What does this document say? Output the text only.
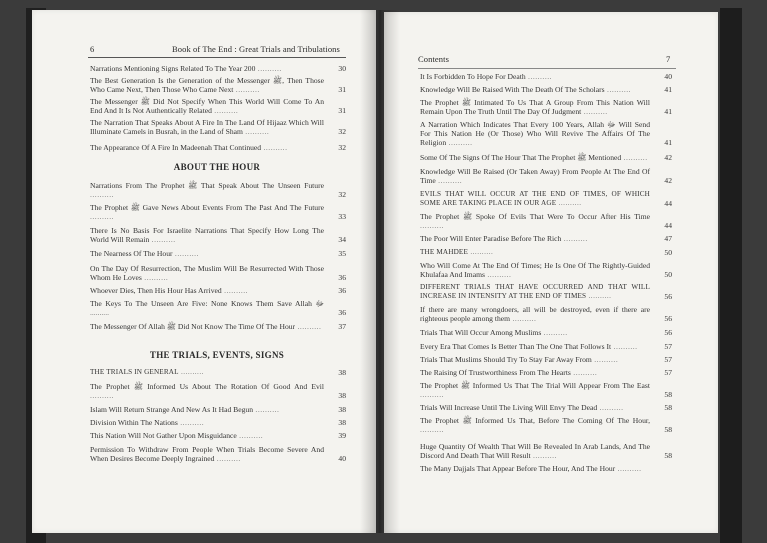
6	Book of The End : Great Trials and Tribulations
ABOUT THE HOUR
THE TRIALS, EVENTS, SIGNS
Narrations Mentioning Signs Related To The Year 200 ..........	30
The Best Generation Is the Generation of the Messenger ﷺ, Then Those Who Came Next, Then Those Who Came Next ..........	31
The Messenger ﷺ Did Not Specify When This World Will Come To An End And It Is Not Authentically Related ..........	31
The Narration That Speaks About A Fire In The Land Of Hijaaz Which Will Illuminate Camels in Busrah, in the Land of Sham ..........	32
The Appearance Of A Fire In Madeenah That Continued ..........	32
Narrations From The Prophet ﷺ That Speak About The Unseen Future ..........	32
The Prophet ﷺ Gave News About Events From The Past And The Future ..........	33
There Is No Basis For Israelite Narrations That Specify How Long The World Will Remain ..........	34
The Nearness Of The Hour ..........	35
On The Day Of Resurrection, The Muslim Will Be Resurrected With Those Whom He Loves ..........	36
Whoever Dies, Then His Hour Has Arrived ..........	36
The Keys To The Unseen Are Five: None Knows Them Save Allah ﷻ ..........	36
The Messenger Of Allah ﷺ Did Not Know The Time Of The Hour ..........	37
THE TRIALS IN GENERAL ..........	38
The Prophet ﷺ Informed Us About The Rotation Of Good And Evil ..........	38
Islam Will Return Strange And New As It Had Begun ..........	38
Division Within The Nations ..........	38
This Nation Will Not Gather Upon Misguidance ..........	39
Permission To Withdraw From People When Trials Become Severe And When Desires Become Deeply Ingrained ..........	40
Contents	7
It Is Forbidden To Hope For Death ..........	40
Knowledge Will Be Raised With The Death Of The Scholars ..........	41
The Prophet ﷺ Intimated To Us That A Group From This Nation Will Remain Upon The Truth Until The Day Of Judgment ..........	41
A Narration Which Indicates That Every 100 Years, Allah ﷻ Will Send For This Nation He (Or Those) Who Will Revive The Affairs Of The Religion ..........	41
Some Of The Signs Of The Hour That The Prophet ﷺ Mentioned ..........	42
Knowledge Will Be Raised (Or Taken Away) From People At The End Of Time ..........	42
EVILS THAT WILL OCCUR AT THE END OF TIMES, OF WHICH SOME ARE TAKING PLACE IN OUR AGE ..........	44
The Prophet ﷺ Spoke Of Evils That Were To Occur After His Time ..........	44
The Poor Will Enter Paradise Before The Rich ..........	47
THE MAHDEE ..........	50
Who Will Come At The End Of Times; He Is One Of The Rightly-Guided Khulafaa And Imams ..........	50
DIFFERENT TRIALS THAT HAVE OCCURRED AND THAT WILL INCREASE IN INTENSITY AT THE END OF TIMES ..........	56
If there are many wrongdoers, all will be destroyed, even if there are righteous people among them ..........	56
Trials That Will Occur Among Muslims ..........	56
Every Era That Comes Is Better Than The One That Follows It ..........	57
Trials That Muslims Should Try To Stay Far Away From ..........	57
The Raising Of Trustworthiness From The Hearts ..........	57
The Prophet ﷺ Informed Us That The Trial Will Appear From The East ..........	58
Trials Will Increase Until The Living Will Envy The Dead ..........	58
The Prophet ﷺ Informed Us That, Before The Coming Of The Hour, ..........	58
Huge Quantity Of Wealth That Will Be Revealed In Arab Lands, And The Discord And Death That Will Result ..........	58
The Many Dajjals That Appear Before The Hour, And The Hour ..........
